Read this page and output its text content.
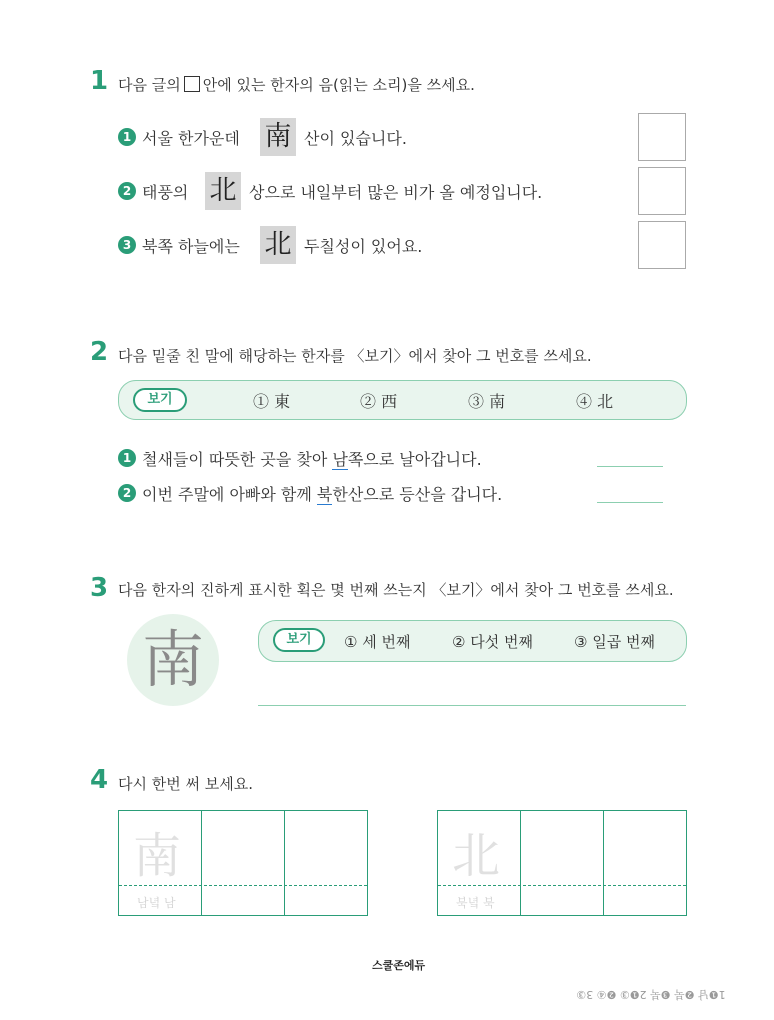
1 다음 글의 안에 있는 한자의 음(읽는 소리)을 쓰세요.
1 서울 한가운데 南 산이 있습니다.
2 태풍의 北 상으로 내일부터 많은 비가 올 예정입니다.
3 북쪽 하늘에는 北 두칠성이 있어요.
2 다음 밑줄 친 말에 해당하는 한자를 〈보기〉에서 찾아 그 번호를 쓰세요.
보기	① 東	② 西	③ 南	④ 北
1 철새들이 따뜻한 곳을 찾아 남쪽으로 날아갑니다.
2 이번 주말에 아빠와 함께 북한산으로 등산을 갑니다.
3 다음 한자의 진하게 표시한 획은 몇 번째 쓰는지 〈보기〉에서 찾아 그 번호를 쓰세요.
南	보기	① 세 번째	② 다섯 번째	③ 일곱 번째
4 다시 한번 써 보세요.
南
남녘 남
北
북녘 북
스쿨존에듀
1❶남 ❷북 ❸북 2❶③ ❷④ 3③
